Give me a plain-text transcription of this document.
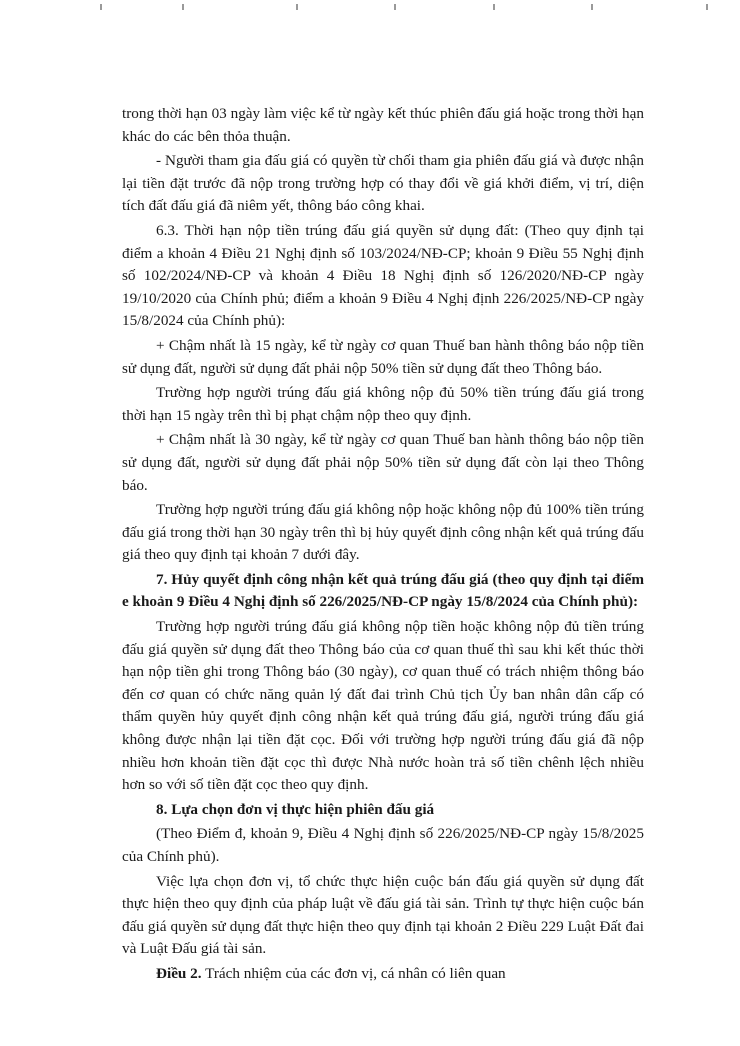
trong thời hạn 03 ngày làm việc kể từ ngày kết thúc phiên đấu giá hoặc trong thời hạn khác do các bên thỏa thuận.

- Người tham gia đấu giá có quyền từ chối tham gia phiên đấu giá và được nhận lại tiền đặt trước đã nộp trong trường hợp có thay đổi về giá khởi điểm, vị trí, diện tích đất đấu giá đã niêm yết, thông báo công khai.

6.3. Thời hạn nộp tiền trúng đấu giá quyền sử dụng đất: (Theo quy định tại điểm a khoản 4 Điều 21 Nghị định số 103/2024/NĐ-CP; khoản 9 Điều 55 Nghị định số 102/2024/NĐ-CP và khoản 4 Điều 18 Nghị định số 126/2020/NĐ-CP ngày 19/10/2020 của Chính phủ; điểm a khoản 9 Điều 4 Nghị định 226/2025/NĐ-CP ngày 15/8/2024 của Chính phủ):

+ Chậm nhất là 15 ngày, kể từ ngày cơ quan Thuế ban hành thông báo nộp tiền sử dụng đất, người sử dụng đất phải nộp 50% tiền sử dụng đất theo Thông báo.

Trường hợp người trúng đấu giá không nộp đủ 50% tiền trúng đấu giá trong thời hạn 15 ngày trên thì bị phạt chậm nộp theo quy định.

+ Chậm nhất là 30 ngày, kể từ ngày cơ quan Thuế ban hành thông báo nộp tiền sử dụng đất, người sử dụng đất phải nộp 50% tiền sử dụng đất còn lại theo Thông báo.

Trường hợp người trúng đấu giá không nộp hoặc không nộp đủ 100% tiền trúng đấu giá trong thời hạn 30 ngày trên thì bị hủy quyết định công nhận kết quả trúng đấu giá theo quy định tại khoản 7 dưới đây.

7. Hủy quyết định công nhận kết quả trúng đấu giá (theo quy định tại điểm e khoản 9 Điều 4 Nghị định số 226/2025/NĐ-CP ngày 15/8/2024 của Chính phủ):

Trường hợp người trúng đấu giá không nộp tiền hoặc không nộp đủ tiền trúng đấu giá quyền sử dụng đất theo Thông báo của cơ quan thuế thì sau khi kết thúc thời hạn nộp tiền ghi trong Thông báo (30 ngày), cơ quan thuế có trách nhiệm thông báo đến cơ quan có chức năng quản lý đất đai trình Chủ tịch Ủy ban nhân dân cấp có thẩm quyền hủy quyết định công nhận kết quả trúng đấu giá, người trúng đấu giá không được nhận lại tiền đặt cọc. Đối với trường hợp người trúng đấu giá đã nộp nhiều hơn khoản tiền đặt cọc thì được Nhà nước hoàn trả số tiền chênh lệch nhiều hơn so với số tiền đặt cọc theo quy định.

8. Lựa chọn đơn vị thực hiện phiên đấu giá

(Theo Điểm đ, khoản 9, Điều 4 Nghị định số 226/2025/NĐ-CP ngày 15/8/2025 của Chính phủ).

Việc lựa chọn đơn vị, tổ chức thực hiện cuộc bán đấu giá quyền sử dụng đất thực hiện theo quy định của pháp luật về đấu giá tài sản. Trình tự thực hiện cuộc bán đấu giá quyền sử dụng đất thực hiện theo quy định tại khoản 2 Điều 229 Luật Đất đai và Luật Đấu giá tài sản.

Điều 2. Trách nhiệm của các đơn vị, cá nhân có liên quan
